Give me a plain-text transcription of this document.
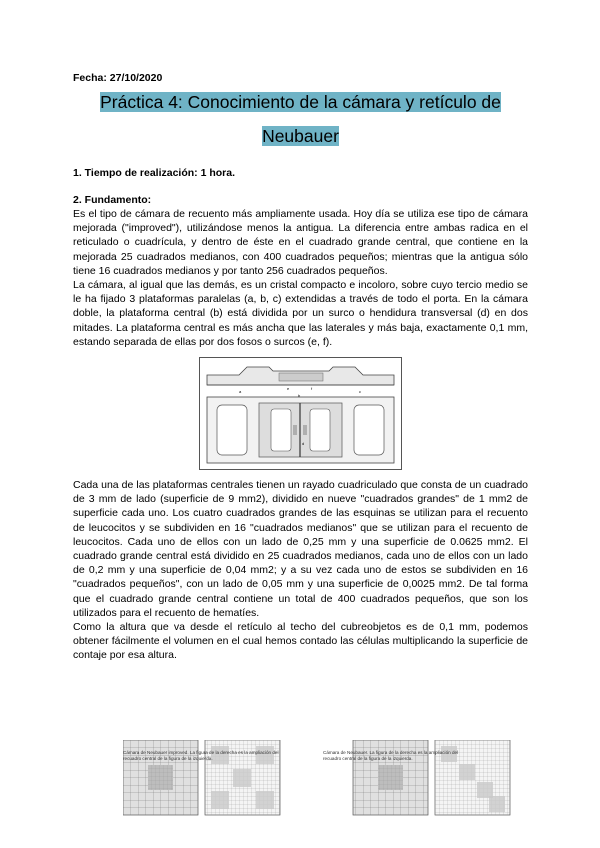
Fecha: 27/10/2020

Práctica 4: Conocimiento de la cámara y retículo de

Neubauer

1. Tiempo de realización: 1 hora.

2. Fundamento:

Es el tipo de cámara de recuento más ampliamente usada. Hoy día se utiliza ese tipo de cámara mejorada ("improved"), utilizándose menos la antigua. La diferencia entre ambas radica en el reticulado o cuadrícula, y dentro de éste en el cuadrado grande central, que contiene en la mejorada 25 cuadrados medianos, con 400 cuadrados pequeños; mientras que la antigua sólo tiene 16 cuadrados medianos y por tanto 256 cuadrados pequeños.

La cámara, al igual que las demás, es un cristal compacto e incoloro, sobre cuyo tercio medio se le ha fijado 3 plataformas paralelas (a, b, c) extendidas a través de todo el porta. En la cámara doble, la plataforma central (b) está dividida por un surco o hendidura transversal (d) en dos mitades. La plataforma central es más ancha que las laterales y más baja, exactamente 0,1 mm, estando separada de ellas por dos fosos o surcos (e, f).

a
b
c
d
e	f

Cada una de las plataformas centrales tienen un rayado cuadriculado que consta de un cuadrado de 3 mm de lado (superficie de 9 mm2), dividido en nueve "cuadrados grandes" de 1 mm2 de superficie cada uno. Los cuatro cuadrados grandes de las esquinas se utilizan para el recuento de leucocitos y se subdividen en 16 "cuadrados medianos" que se utilizan para el recuento de leucocitos. Cada uno de ellos con un lado de 0,25 mm y una superficie de 0.0625 mm2. El cuadrado grande central está dividido en 25 cuadrados medianos, cada uno de ellos con un lado de 0,2 mm y una superficie de 0,04 mm2; y a su vez cada uno de estos se subdividen en 16 "cuadrados pequeños", con un lado de 0,05 mm y una superficie de 0,0025 mm2. De tal forma que el cuadrado grande central contiene un total de 400 cuadrados pequeños, que son los utilizados para el recuento de hematíes.

Como la altura que va desde el retículo al techo del cubreobjetos es de 0,1 mm, podemos obtener fácilmente el volumen en el cual hemos contado las células multiplicando la superficie de contaje por esa altura.

Cámara de Neubauer improved. La figura de la derecha es la ampliación del recuadro central de la figura de la izquierda.
Cámara de Neubauer. La figura de la derecha es la ampliación del recuadro central de la figura de la izquierda.
